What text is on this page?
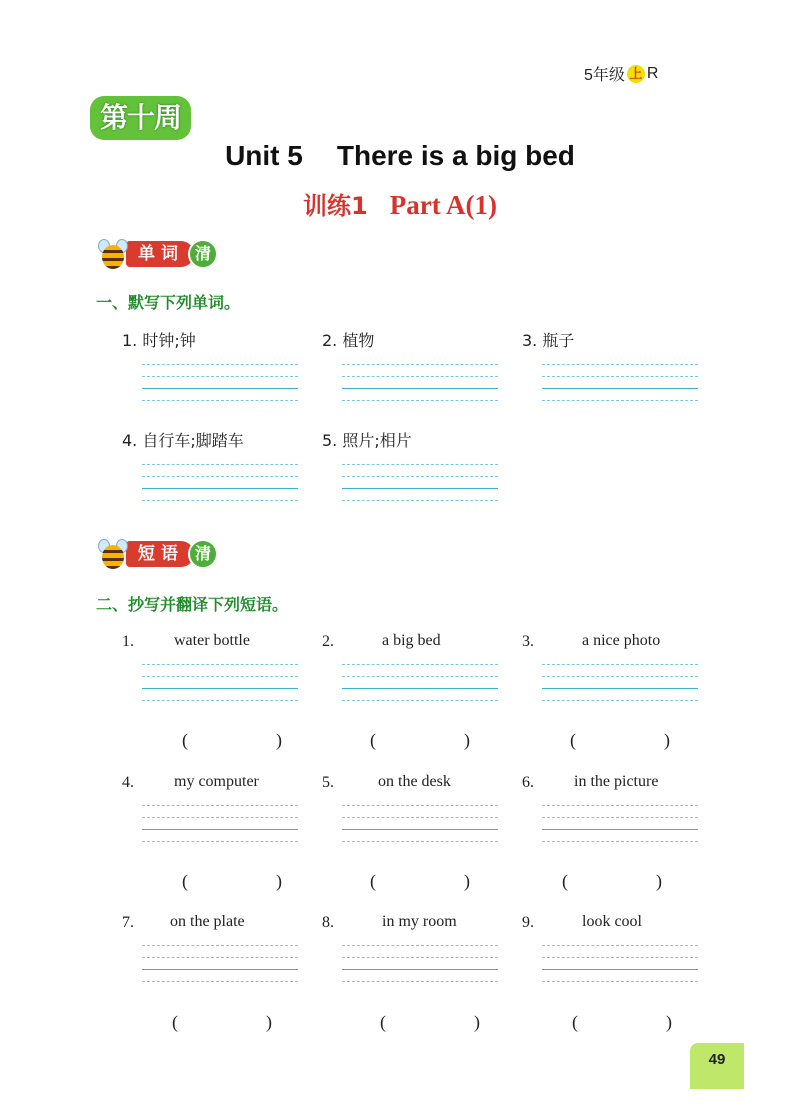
5年级 上 R
第十周
Unit 5 There is a big bed
训练1 Part A(1)
单词 清
一、默写下列单词。
1. 时钟;钟	2. 植物	3. 瓶子
4. 自行车;脚踏车	5. 照片;相片
短语 清
二、抄写并翻译下列短语。
1.	water bottle	2.	a big bed	3.	a nice photo
(	)	(	)	(	)
4.	my computer	5.	on the desk	6.	in the picture
(	)	(	)	(	)
7. on the plate	8.	in my room	9.	look cool
(	)	(	)	(	)
49
